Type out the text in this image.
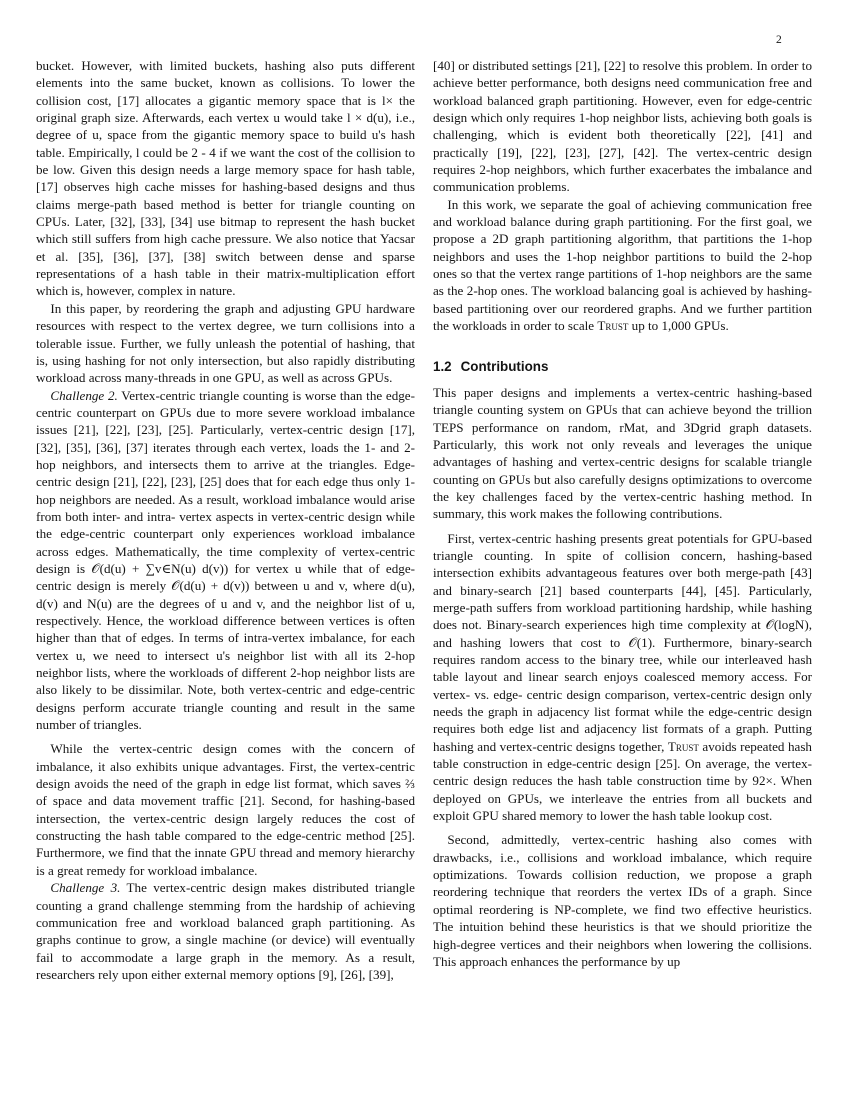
2

bucket. However, with limited buckets, hashing also puts different elements into the same bucket, known as collisions. To lower the collision cost, [17] allocates a gigantic memory space that is l× the original graph size. Afterwards, each vertex u would take l × d(u), i.e., degree of u, space from the gigantic memory space to build u's hash table. Empirically, l could be 2 - 4 if we want the cost of the collision to be low. Given this design needs a large memory space for hash table, [17] observes high cache misses for hashing-based designs and thus claims merge-path based method is better for triangle counting on CPUs. Later, [32], [33], [34] use bitmap to represent the hash bucket which still suffers from high cache pressure. We also notice that Yacsar et al. [35], [36], [37], [38] switch between dense and sparse representations of a hash table in their matrix-multiplication effort which is, however, complex in nature.

In this paper, by reordering the graph and adjusting GPU hardware resources with respect to the vertex degree, we turn collisions into a tolerable issue. Further, we fully unleash the potential of hashing, that is, using hashing for not only intersection, but also rapidly distributing workload across many-threads in one GPU, as well as across GPUs.

Challenge 2. Vertex-centric triangle counting is worse than the edge-centric counterpart on GPUs due to more severe workload imbalance issues [21], [22], [23], [25]. Particularly, vertex-centric design [17], [32], [35], [36], [37] iterates through each vertex, loads the 1- and 2- hop neighbors, and intersects them to arrive at the triangles. Edge-centric design [21], [22], [23], [25] does that for each edge thus only 1-hop neighbors are needed. As a result, workload imbalance would arise from both inter- and intra- vertex aspects in vertex-centric design while the edge-centric counterpart only experiences workload imbalance across edges. Mathematically, the time complexity of vertex-centric design is 𝒪(d(u) + ∑v∈N(u) d(v)) for vertex u while that of edge-centric design is merely 𝒪(d(u) + d(v)) between u and v, where d(u), d(v) and N(u) are the degrees of u and v, and the neighbor list of u, respectively. Hence, the workload difference between vertices is often higher than that of edges. In terms of intra-vertex imbalance, for each vertex u, we need to intersect u's neighbor list with all its 2-hop neighbor lists, where the workloads of different 2-hop neighbor lists are also likely to be dissimilar. Note, both vertex-centric and edge-centric designs perform accurate triangle counting and result in the same number of triangles.

While the vertex-centric design comes with the concern of imbalance, it also exhibits unique advantages. First, the vertex-centric design avoids the need of the graph in edge list format, which saves ⅔ of space and data movement traffic [21]. Second, for hashing-based intersection, the vertex-centric design largely reduces the cost of constructing the hash table compared to the edge-centric method [25]. Furthermore, we find that the innate GPU thread and memory hierarchy is a great remedy for workload imbalance.

Challenge 3. The vertex-centric design makes distributed triangle counting a grand challenge stemming from the hardship of achieving communication free and workload balanced graph partitioning. As graphs continue to grow, a single machine (or device) will eventually fail to accommodate a large graph in the memory. As a result, researchers rely upon either external memory options [9], [26], [39],

[40] or distributed settings [21], [22] to resolve this problem. In order to achieve better performance, both designs need communication free and workload balanced graph partitioning. However, even for edge-centric design which only requires 1-hop neighbor lists, achieving both goals is challenging, which is evident both theoretically [22], [41] and practically [19], [22], [23], [27], [42]. The vertex-centric design requires 2-hop neighbors, which further exacerbates the imbalance and communication problems.

In this work, we separate the goal of achieving communication free and workload balance during graph partitioning. For the first goal, we propose a 2D graph partitioning algorithm, that partitions the 1-hop neighbors and uses the 1-hop neighbor partitions to build the 2-hop ones so that the vertex range partitions of 1-hop neighbors are the same as the 2-hop ones. The workload balancing goal is achieved by hashing-based partitioning over our reordered graphs. And we further partition the workloads in order to scale Trust up to 1,000 GPUs.

1.2 Contributions

This paper designs and implements a vertex-centric hashing-based triangle counting system on GPUs that can achieve beyond the trillion TEPS performance on random, rMat, and 3Dgrid graph datasets. Particularly, this work not only reveals and leverages the unique advantages of hashing and vertex-centric designs for scalable triangle counting on GPUs but also carefully designs optimizations to overcome the key challenges faced by the vertex-centric hashing method. In summary, this work makes the following contributions.

First, vertex-centric hashing presents great potentials for GPU-based triangle counting. In spite of collision concern, hashing-based intersection exhibits advantageous features over both merge-path [43] and binary-search [21] based counterparts [44], [45]. Particularly, merge-path suffers from workload partitioning hardship, while hashing does not. Binary-search experiences high time complexity at 𝒪(logN), and hashing lowers that cost to 𝒪(1). Furthermore, binary-search requires random access to the binary tree, while our interleaved hash table layout and linear search enjoys coalesced memory access. For vertex- vs. edge- centric design comparison, vertex-centric design only needs the graph in adjacency list format while the edge-centric design requires both edge list and adjacency list formats of a graph. Putting hashing and vertex-centric designs together, Trust avoids repeated hash table construction in edge-centric design [25]. On average, the vertex-centric design reduces the hash table construction time by 92×. When deployed on GPUs, we interleave the entries from all buckets and exploit GPU shared memory to lower the hash table lookup cost.

Second, admittedly, vertex-centric hashing also comes with drawbacks, i.e., collisions and workload imbalance, which require optimizations. Towards collision reduction, we propose a graph reordering technique that reorders the vertex IDs of a graph. Since optimal reordering is NP-complete, we find two effective heuristics. The intuition behind these heuristics is that we should prioritize the high-degree vertices and their neighbors when lowering the collisions. This approach enhances the performance by up
